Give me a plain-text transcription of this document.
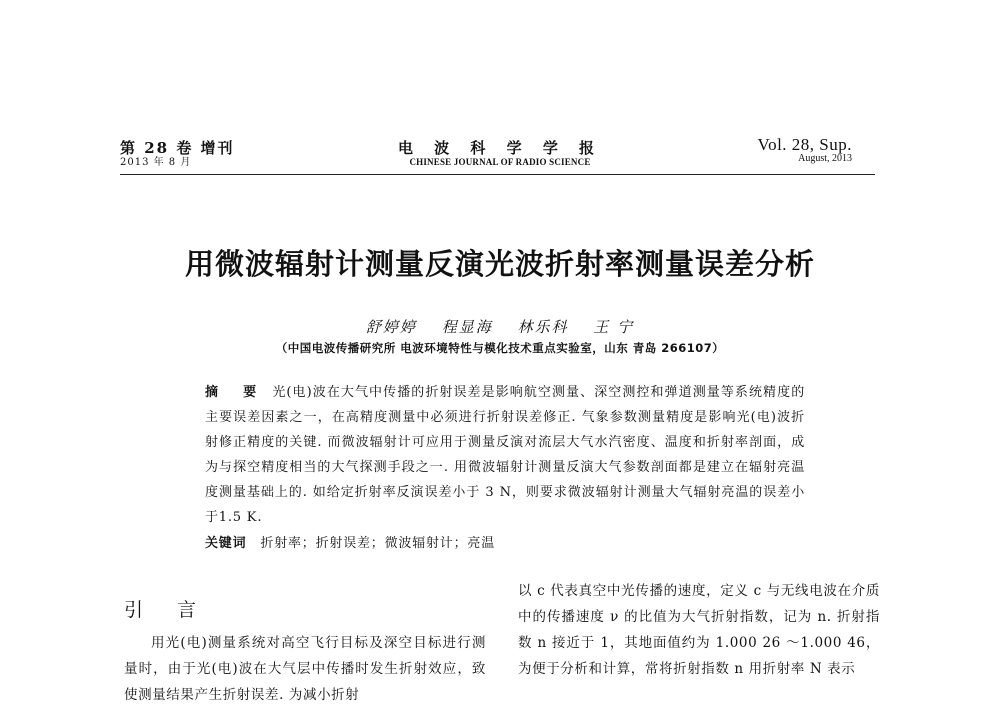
第 28 卷 增刊
2013 年 8 月
电 波 科 学 学 报
CHINESE JOURNAL OF RADIO SCIENCE
Vol. 28, Sup.
August, 2013
用微波辐射计测量反演光波折射率测量误差分析
舒婷婷 程显海 林乐科 王 宁
（中国电波传播研究所 电波环境特性与模化技术重点实验室，山东 青岛 266107）

摘 要 光(电)波在大气中传播的折射误差是影响航空测量、深空测控和弹道测量等系统精度的主要误差因素之一，在高精度测量中必须进行折射误差修正. 气象参数测量精度是影响光(电)波折射修正精度的关键. 而微波辐射计可应用于测量反演对流层大气水汽密度、温度和折射率剖面，成为与探空精度相当的大气探测手段之一. 用微波辐射计测量反演大气参数剖面都是建立在辐射亮温度测量基础上的. 如给定折射率反演误差小于 3 N，则要求微波辐射计测量大气辐射亮温的误差小于1.5 K.

关键词 折射率；折射误差；微波辐射计；亮温
引 言

用光(电)测量系统对高空飞行目标及深空目标进行测量时，由于光(电)波在大气层中传播时发生折射效应，致使测量结果产生折射误差. 为减小折射

以 c 代表真空中光传播的速度，定义 c 与无线电波在介质中的传播速度 ν 的比值为大气折射指数，记为 n. 折射指数 n 接近于 1，其地面值约为 1.000 26 ～1.000 46，为便于分析和计算，常将折射指数 n 用折射率 N 表示
